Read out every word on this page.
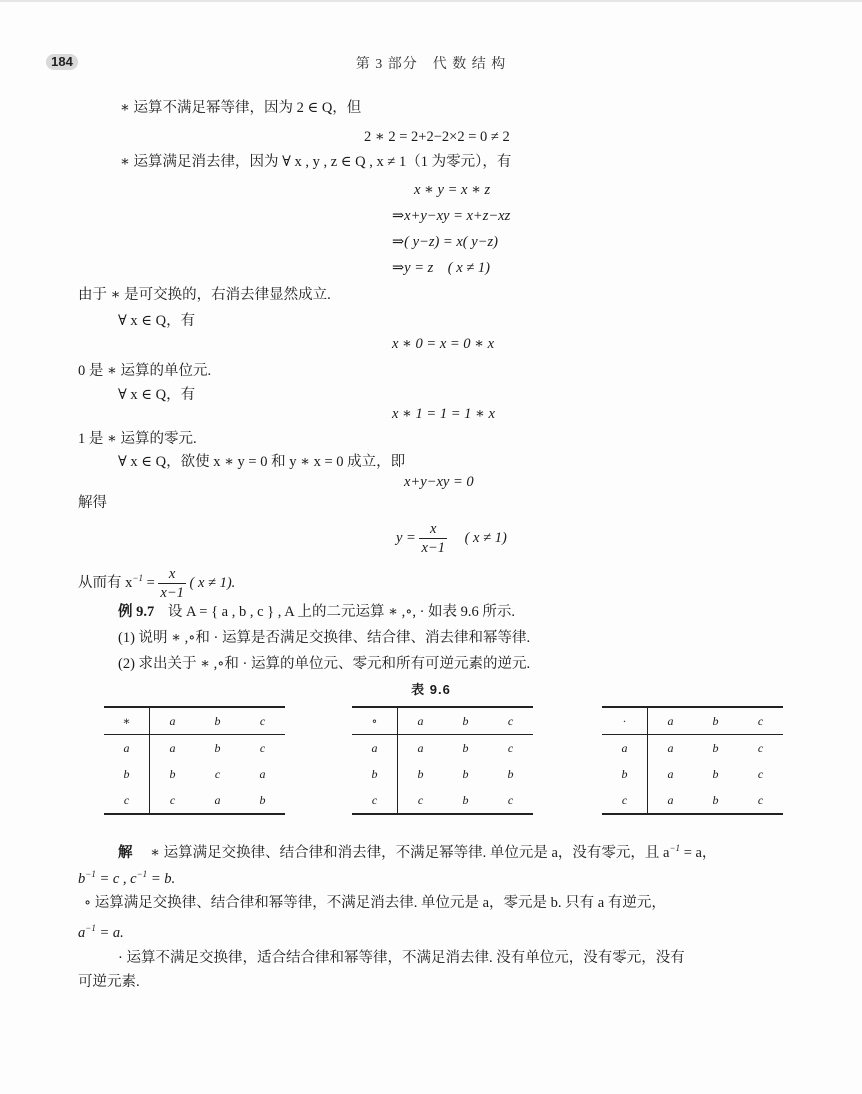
184	第 3 部分　代 数 结 构
∗ 运算不满足幂等律，因为 2 ∈ Q，但
2 ∗ 2 = 2+2−2×2 = 0 ≠ 2
∗ 运算满足消去律，因为 ∀ x , y , z ∈ Q , x ≠ 1（1 为零元），有
x ∗ y = x ∗ z
⇒x+y−xy = x+z−xz
⇒( y−z) = x( y−z)
⇒y = z　( x ≠ 1)
由于 ∗ 是可交换的，右消去律显然成立.
∀ x ∈ Q，有
x ∗ 0 = x = 0 ∗ x
0 是 ∗ 运算的单位元.
∀ x ∈ Q，有
x ∗ 1 = 1 = 1 ∗ x
1 是 ∗ 运算的零元.
∀ x ∈ Q，欲使 x ∗ y = 0 和 y ∗ x = 0 成立，即
x+y−xy = 0
解得
$y = \frac{x}{x-1}$ ( x ≠ 1)
从而有 $x^{-1} = \frac{x}{x-1}$ ( x ≠ 1).
例 9.7 设 A = { a , b , c } , A 上的二元运算 ∗ ,∘, · 如表 9.6 所示.
(1) 说明 ∗ ,∘和 · 运算是否满足交换律、结合律、消去律和幂等律.
(2) 求出关于 ∗ ,∘和 · 运算的单位元、零元和所有可逆元素的逆元.
表 9.6
∗	a	b	c
a	a	b	c
b	b	c	a
c	c	a	b
∘	a	b	c
a	a	b	c
b	b	b	b
c	c	b	c
·	a	b	c
a	a	b	c
b	a	b	c
c	a	b	c
解 ∗ 运算满足交换律、结合律和消去律，不满足幂等律. 单位元是 a，没有零元，且 $a^{-1} = a$，
$b^{-1} = c$ , $c^{-1} = b$.
∘ 运算满足交换律、结合律和幂等律，不满足消去律. 单位元是 a，零元是 b. 只有 a 有逆元，
$a^{-1} = a$.
· 运算不满足交换律，适合结合律和幂等律，不满足消去律. 没有单位元，没有零元，没有
可逆元素.
